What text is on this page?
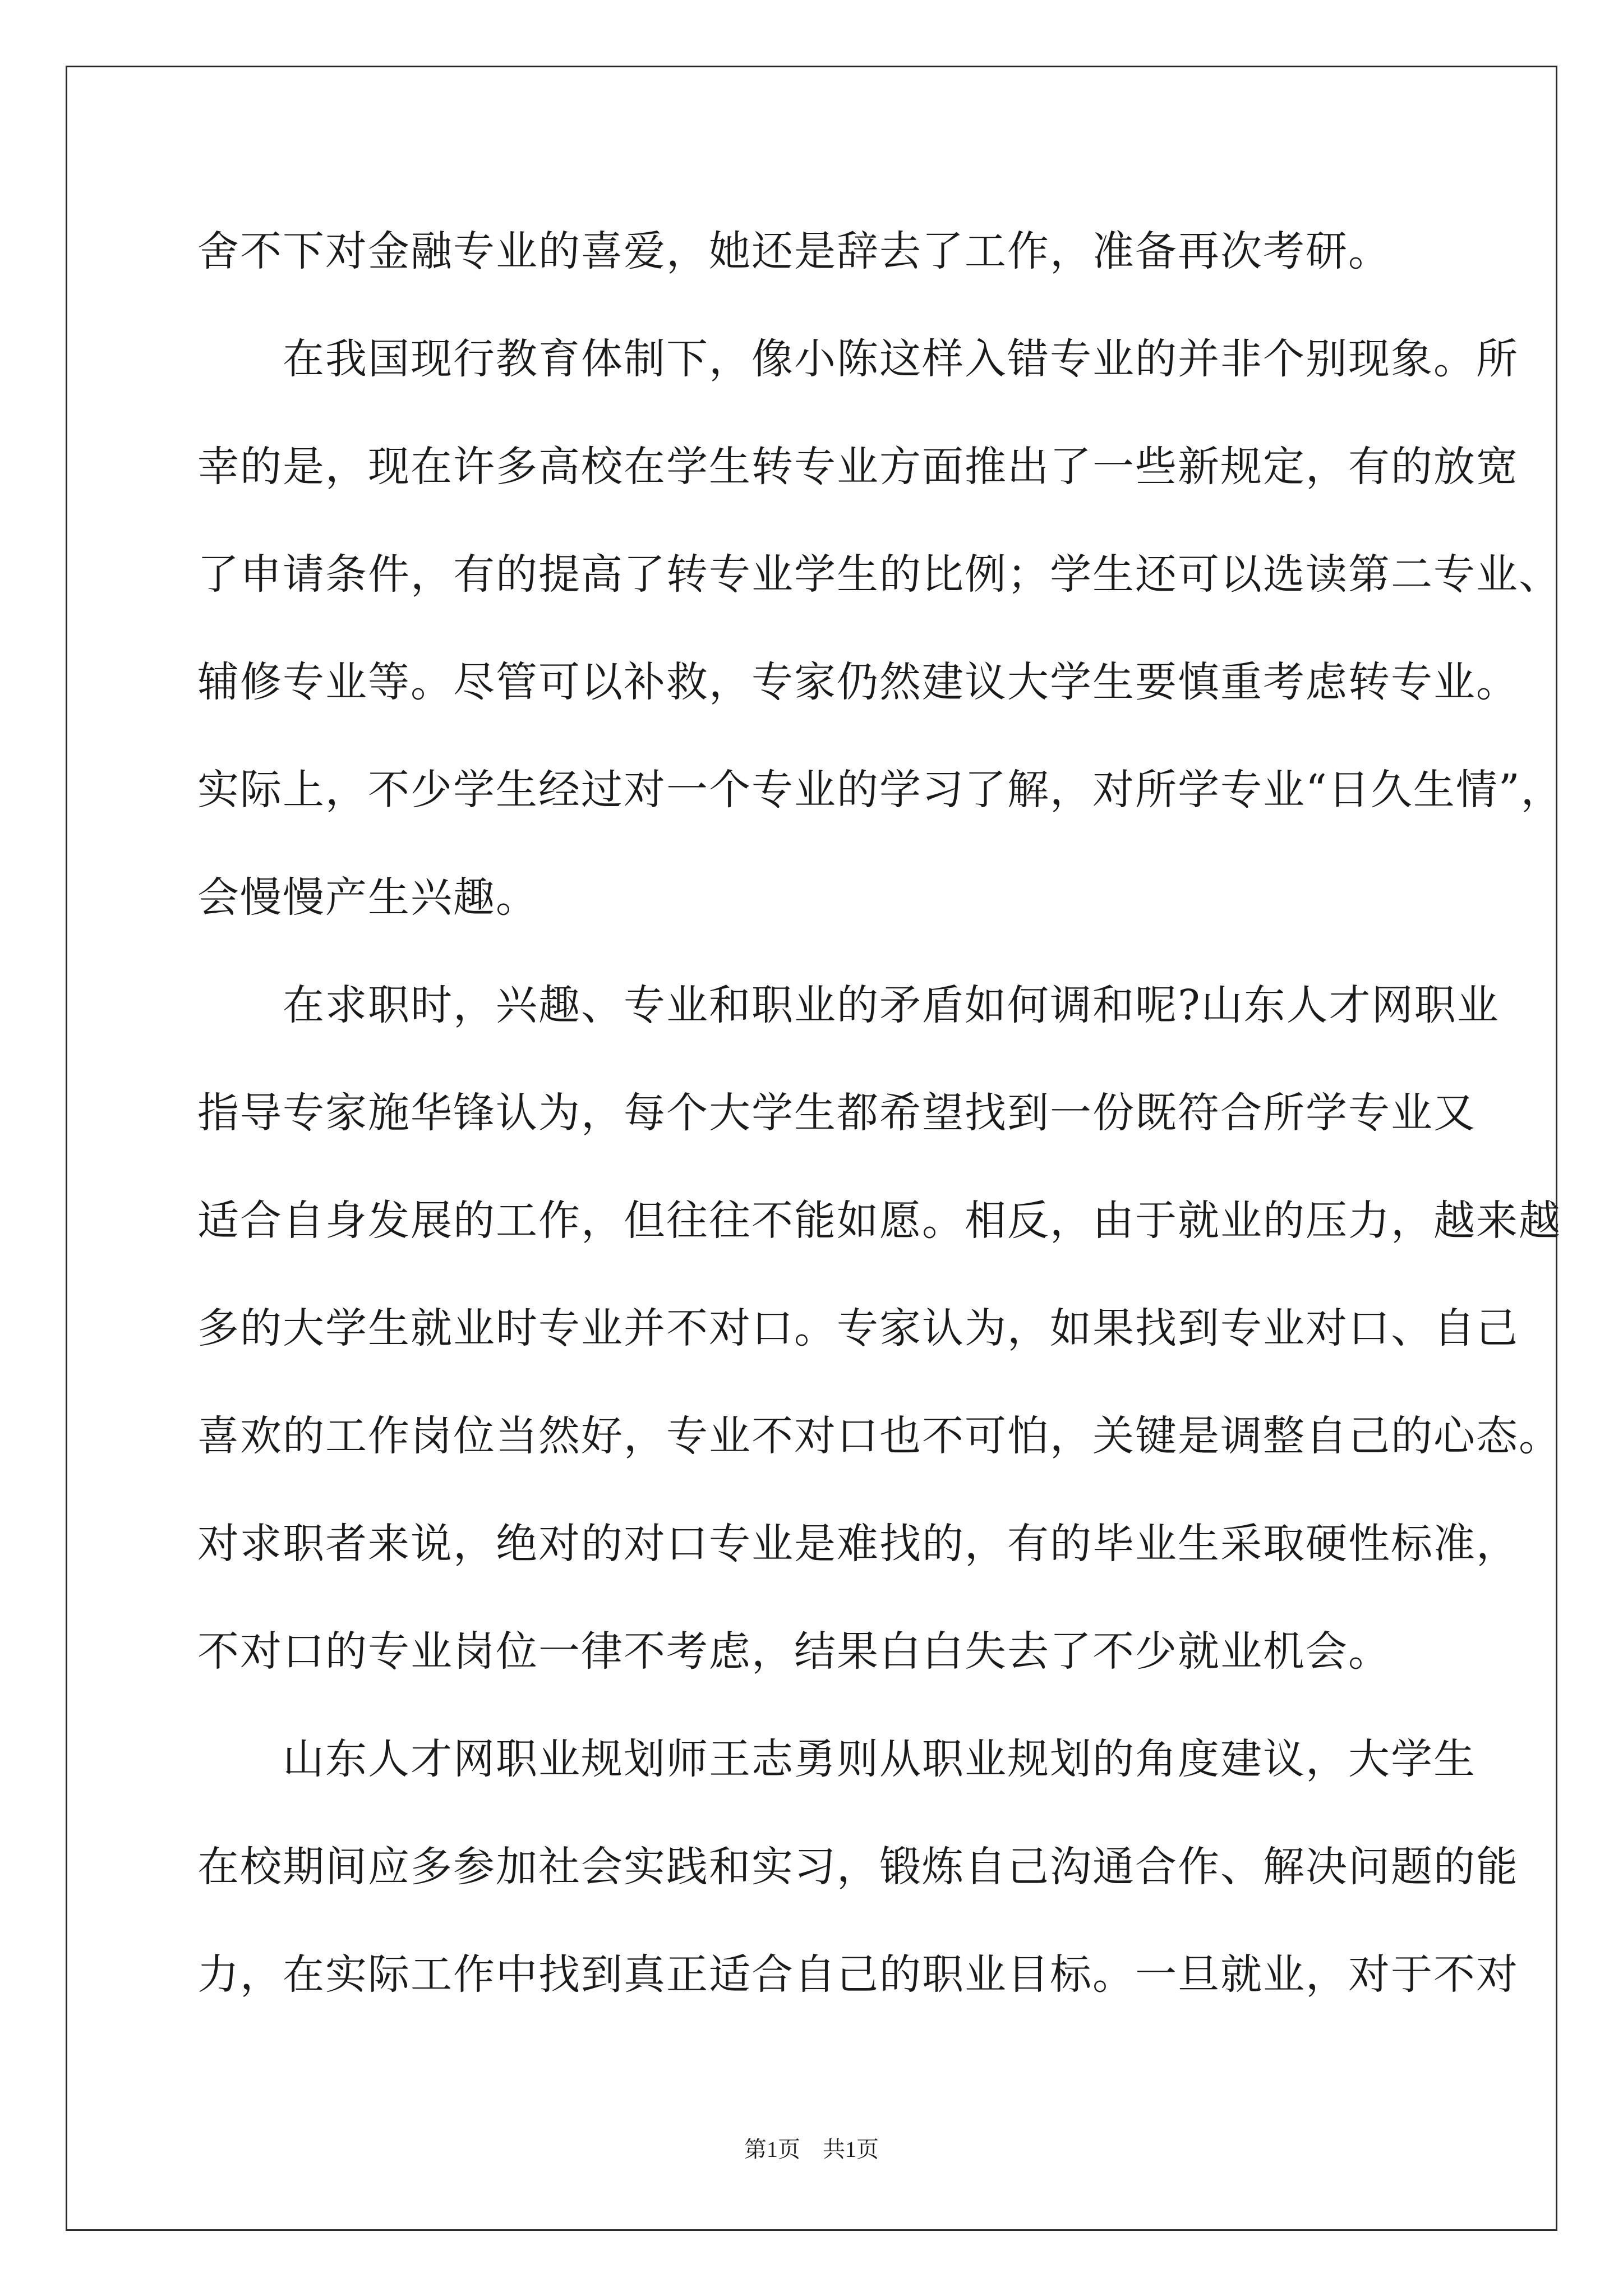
舍不下对金融专业的喜爱，她还是辞去了工作，准备再次考研。

　　在我国现行教育体制下，像小陈这样入错专业的并非个别现象。所

幸的是，现在许多高校在学生转专业方面推出了一些新规定，有的放宽

了申请条件，有的提高了转专业学生的比例；学生还可以选读第二专业、

辅修专业等。尽管可以补救，专家仍然建议大学生要慎重考虑转专业。

实际上，不少学生经过对一个专业的学习了解，对所学专业“日久生情”，

会慢慢产生兴趣。

　　在求职时，兴趣、专业和职业的矛盾如何调和呢?山东人才网职业

指导专家施华锋认为，每个大学生都希望找到一份既符合所学专业又

适合自身发展的工作，但往往不能如愿。相反，由于就业的压力，越来越

多的大学生就业时专业并不对口。专家认为，如果找到专业对口、自己

喜欢的工作岗位当然好，专业不对口也不可怕，关键是调整自己的心态。

对求职者来说，绝对的对口专业是难找的，有的毕业生采取硬性标准，

不对口的专业岗位一律不考虑，结果白白失去了不少就业机会。

　　山东人才网职业规划师王志勇则从职业规划的角度建议，大学生

在校期间应多参加社会实践和实习，锻炼自己沟通合作、解决问题的能

力，在实际工作中找到真正适合自己的职业目标。一旦就业，对于不对

第1页　共1页
